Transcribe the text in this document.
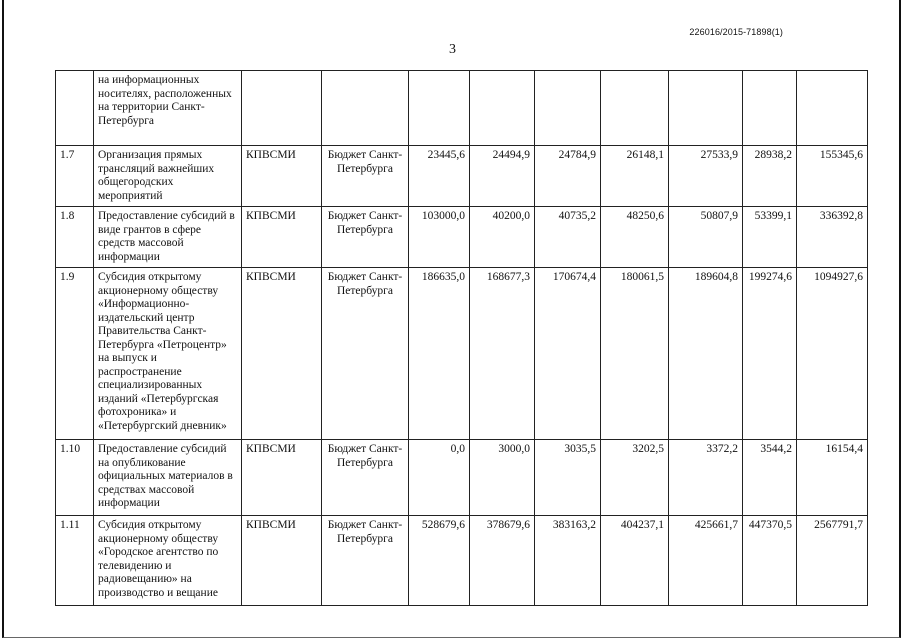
226016/2015-71898(1)
3
	на информационных носителях, расположенных на территории Санкт-Петербурга									
1.7	Организация прямых трансляций важнейших общегородских мероприятий	КПВСМИ	Бюджет Санкт-Петербурга	23445,6	24494,9	24784,9	26148,1	27533,9	28938,2	155345,6
1.8	Предоставление субсидий в виде грантов в сфере средств массовой информации	КПВСМИ	Бюджет Санкт-Петербурга	103000,0	40200,0	40735,2	48250,6	50807,9	53399,1	336392,8
1.9	Субсидия открытому акционерному обществу «Информационно-издательский центр Правительства Санкт-Петербурга «Петроцентр» на выпуск и распространение специализированных изданий «Петербургская фотохроника» и «Петербургский дневник»	КПВСМИ	Бюджет Санкт-Петербурга	186635,0	168677,3	170674,4	180061,5	189604,8	199274,6	1094927,6
1.10	Предоставление субсидий на опубликование официальных материалов в средствах массовой информации	КПВСМИ	Бюджет Санкт-Петербурга	0,0	3000,0	3035,5	3202,5	3372,2	3544,2	16154,4
1.11	Субсидия открытому акционерному обществу «Городское агентство по телевидению и радиовещанию» на производство и вещание	КПВСМИ	Бюджет Санкт-Петербурга	528679,6	378679,6	383163,2	404237,1	425661,7	447370,5	2567791,7
